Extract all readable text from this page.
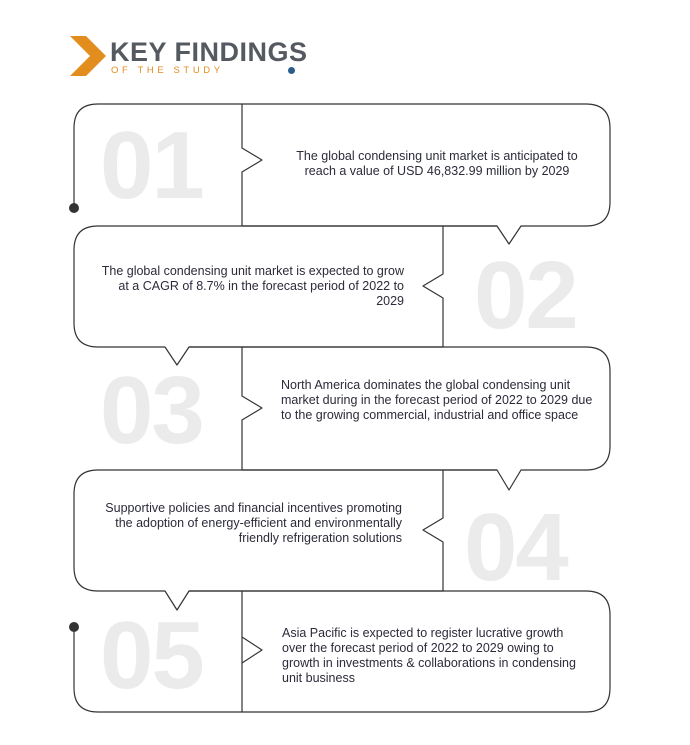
KEY FINDINGS
OF THE STUDY
01	The global condensing unit market is anticipated to reach a value of USD 46,832.99 million by 2029
02
The global condensing unit market is expected to grow at a CAGR of 8.7% in the forecast period of 2022 to 2029
03	North America dominates the global condensing unit market during in the forecast period of 2022 to 2029 due to the growing commercial, industrial and office space
04
Supportive policies and financial incentives promoting the adoption of energy-efficient and environmentally friendly refrigeration solutions
05	Asia Pacific is expected to register lucrative growth over the forecast period of 2022 to 2029 owing to growth in investments & collaborations in condensing unit business
